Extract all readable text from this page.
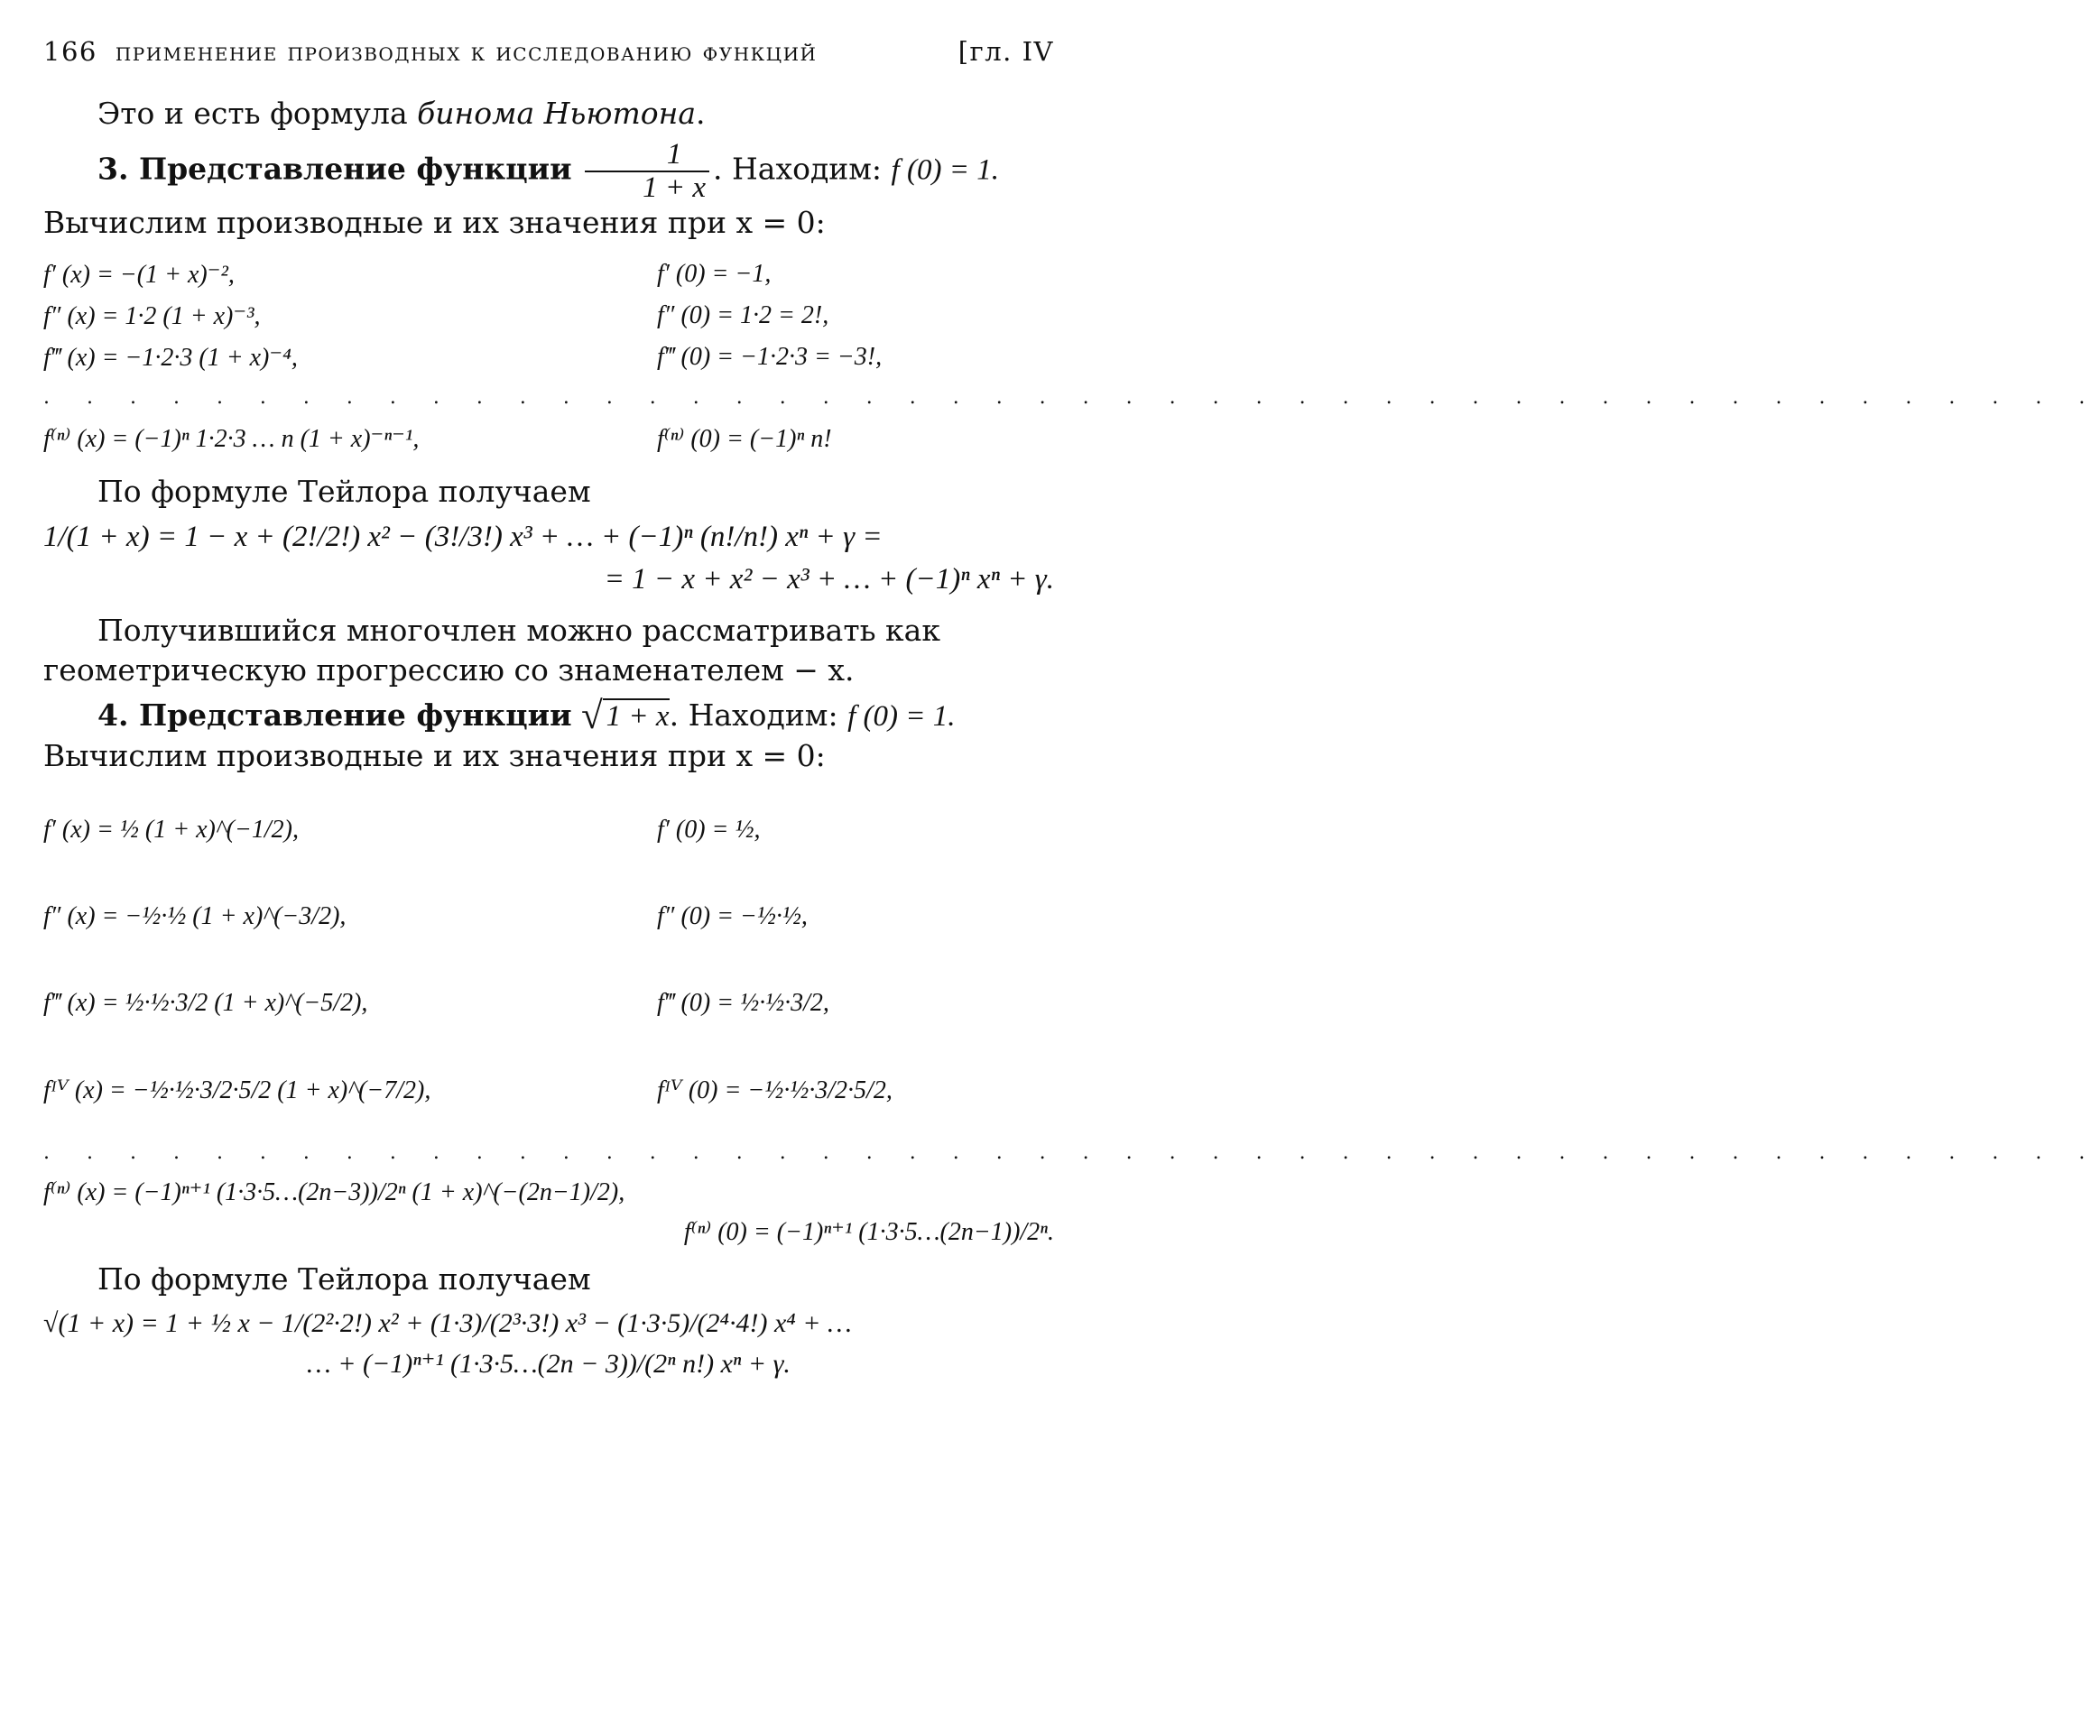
166 применение производных к исследованию функций	[гл. IV

Это и есть формула бинома Ньютона.

3. Представление функции $\frac{1}{1 + x}$ . Находим: f (0) = 1.

Вычислим производные и их значения при x = 0:

f′ (x) = −(1 + x)⁻²,	f′ (0) = −1,
f″ (x) = 1·2 (1 + x)⁻³,	f″ (0) = 1·2 = 2!,
f‴ (x) = −1·2·3 (1 + x)⁻⁴,	f‴ (0) = −1·2·3 = −3!,
. . . . . . . . . . . . . . . . . . . . . . . . . . . . . . . . . . . . . . . . . . . . . . . .
f⁽ⁿ⁾ (x) = (−1)ⁿ 1·2·3 … n (1 + x)⁻ⁿ⁻¹,	f⁽ⁿ⁾ (0) = (−1)ⁿ n!

По формуле Тейлора получаем

1/(1 + x) = 1 − x + (2!/2!) x² − (3!/3!) x³ + … + (−1)ⁿ (n!/n!) xⁿ + γ =
= 1 − x + x² − x³ + … + (−1)ⁿ xⁿ + γ.

Получившийся многочлен можно рассматривать как геометрическую прогрессию со знаменателем − x.

4. Представление функции √ 1 + x. Находим: f (0) = 1.

Вычислим производные и их значения при x = 0:

f′ (x) = ½ (1 + x)^(−1/2),	f′ (0) = ½,
f″ (x) = −½·½ (1 + x)^(−3/2),	f″ (0) = −½·½,
f‴ (x) = ½·½·3/2 (1 + x)^(−5/2),	f‴ (0) = ½·½·3/2,
fᴵⱽ (x) = −½·½·3/2·5/2 (1 + x)^(−7/2),	fᴵⱽ (0) = −½·½·3/2·5/2,
. . . . . . . . . . . . . . . . . . . . . . . . . . . . . . . . . . . . . . . . . . . . . . . .
f⁽ⁿ⁾ (x) = (−1)ⁿ⁺¹ (1·3·5…(2n−3))/2ⁿ (1 + x)^(−(2n−1)/2),
f⁽ⁿ⁾ (0) = (−1)ⁿ⁺¹ (1·3·5…(2n−1))/2ⁿ.

По формуле Тейлора получаем

√(1 + x) = 1 + ½ x − 1/(2²·2!) x² + (1·3)/(2³·3!) x³ − (1·3·5)/(2⁴·4!) x⁴ + …
… + (−1)ⁿ⁺¹ (1·3·5…(2n − 3))/(2ⁿ n!) xⁿ + γ.
